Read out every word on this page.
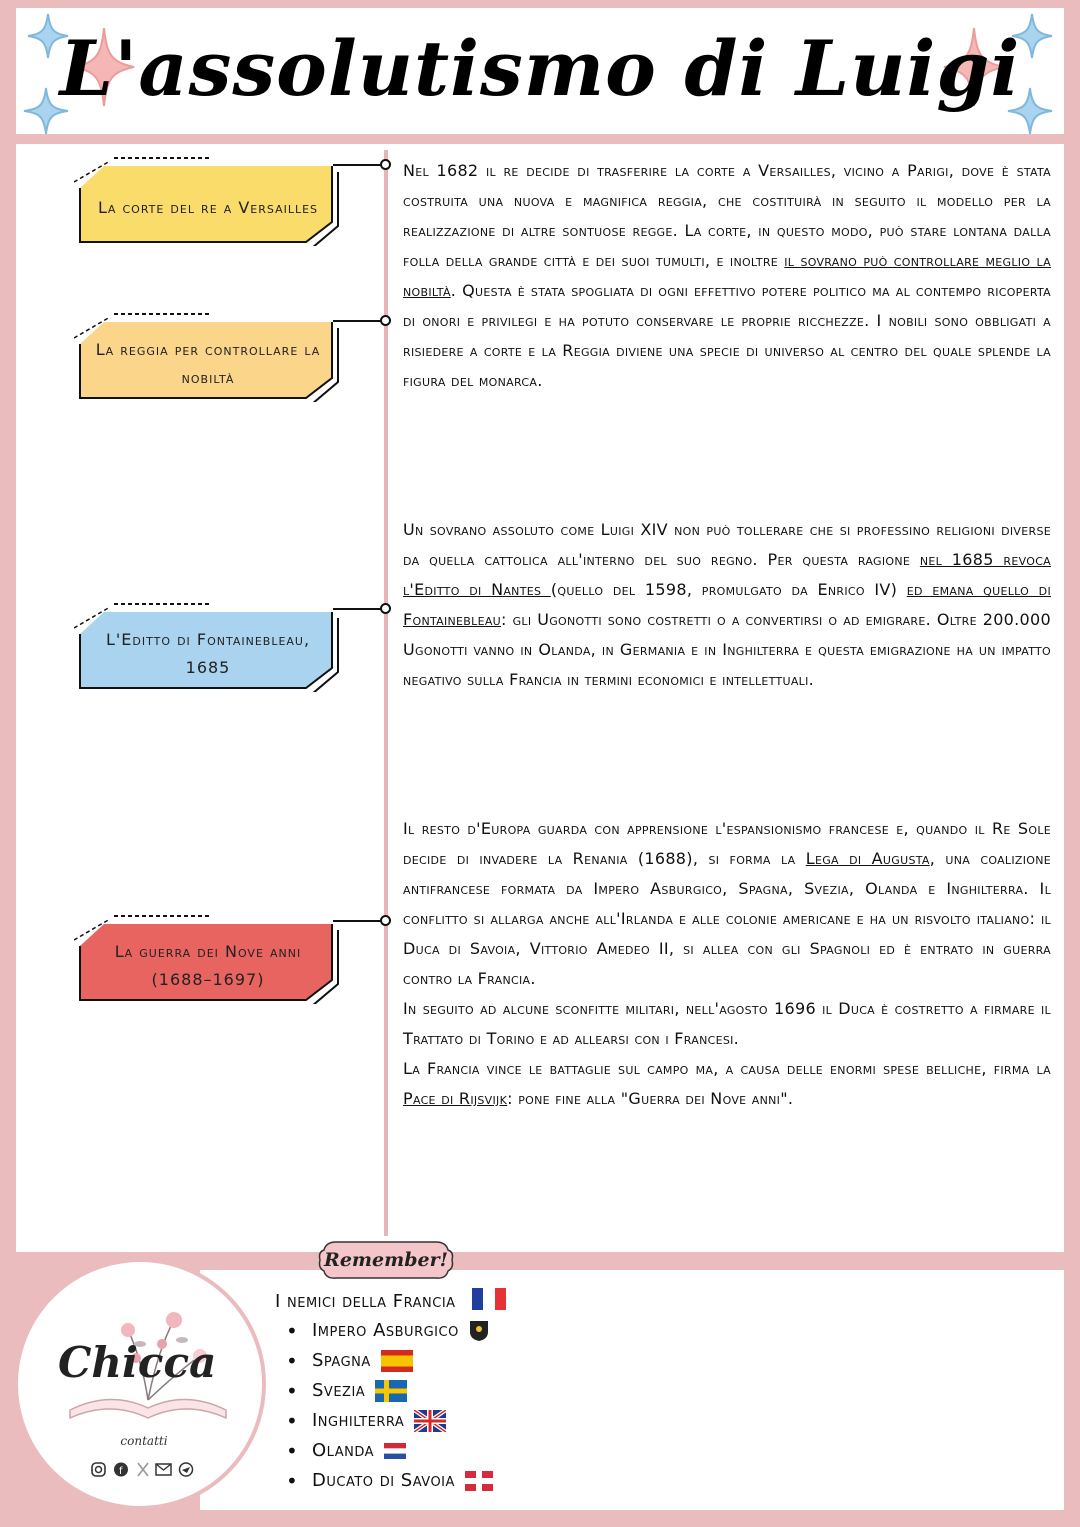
L'assolutismo di Luigi
La corte del re a Versailles
La reggia per controllare la nobiltà
L'Editto di Fontainebleau, 1685
La guerra dei Nove anni (1688–1697)
Nel 1682 il re decide di trasferire la corte a Versailles, vicino a Parigi, dove è stata costruita una nuova e magnifica reggia, che costituirà in seguito il modello per la realizzazione di altre sontuose regge. La corte, in questo modo, può stare lontana dalla folla della grande città e dei suoi tumulti, e inoltre il sovrano può controllare meglio la nobiltà. Questa è stata spogliata di ogni effettivo potere politico ma al contempo ricoperta di onori e privilegi e ha potuto conservare le proprie ricchezze. I nobili sono obbligati a risiedere a corte e la Reggia diviene una specie di universo al centro del quale splende la figura del monarca.
Un sovrano assoluto come Luigi XIV non può tollerare che si professino religioni diverse da quella cattolica all'interno del suo regno. Per questa ragione nel 1685 revoca l'Editto di Nantes (quello del 1598, promulgato da Enrico IV) ed emana quello di Fontainebleau: gli Ugonotti sono costretti o a convertirsi o ad emigrare. Oltre 200.000 Ugonotti vanno in Olanda, in Germania e in Inghilterra e questa emigrazione ha un impatto negativo sulla Francia in termini economici e intellettuali.
Il resto d'Europa guarda con apprensione l'espansionismo francese e, quando il Re Sole decide di invadere la Renania (1688), si forma la Lega di Augusta, una coalizione antifrancese formata da Impero Asburgico, Spagna, Svezia, Olanda e Inghilterra. Il conflitto si allarga anche all'Irlanda e alle colonie americane e ha un risvolto italiano: il Duca di Savoia, Vittorio Amedeo II, si allea con gli Spagnoli ed è entrato in guerra contro la Francia.
In seguito ad alcune sconfitte militari, nell'agosto 1696 il Duca è costretto a firmare il Trattato di Torino e ad allearsi con i Francesi.
La Francia vince le battaglie sul campo ma, a causa delle enormi spese belliche, firma la Pace di Rijsvijk: pone fine alla "Guerra dei Nove anni".
Chicca
contatti
f
Remember!
I nemici della Francia
• Impero Asburgico
• Spagna
• Svezia
• Inghilterra
• Olanda
• Ducato di Savoia
